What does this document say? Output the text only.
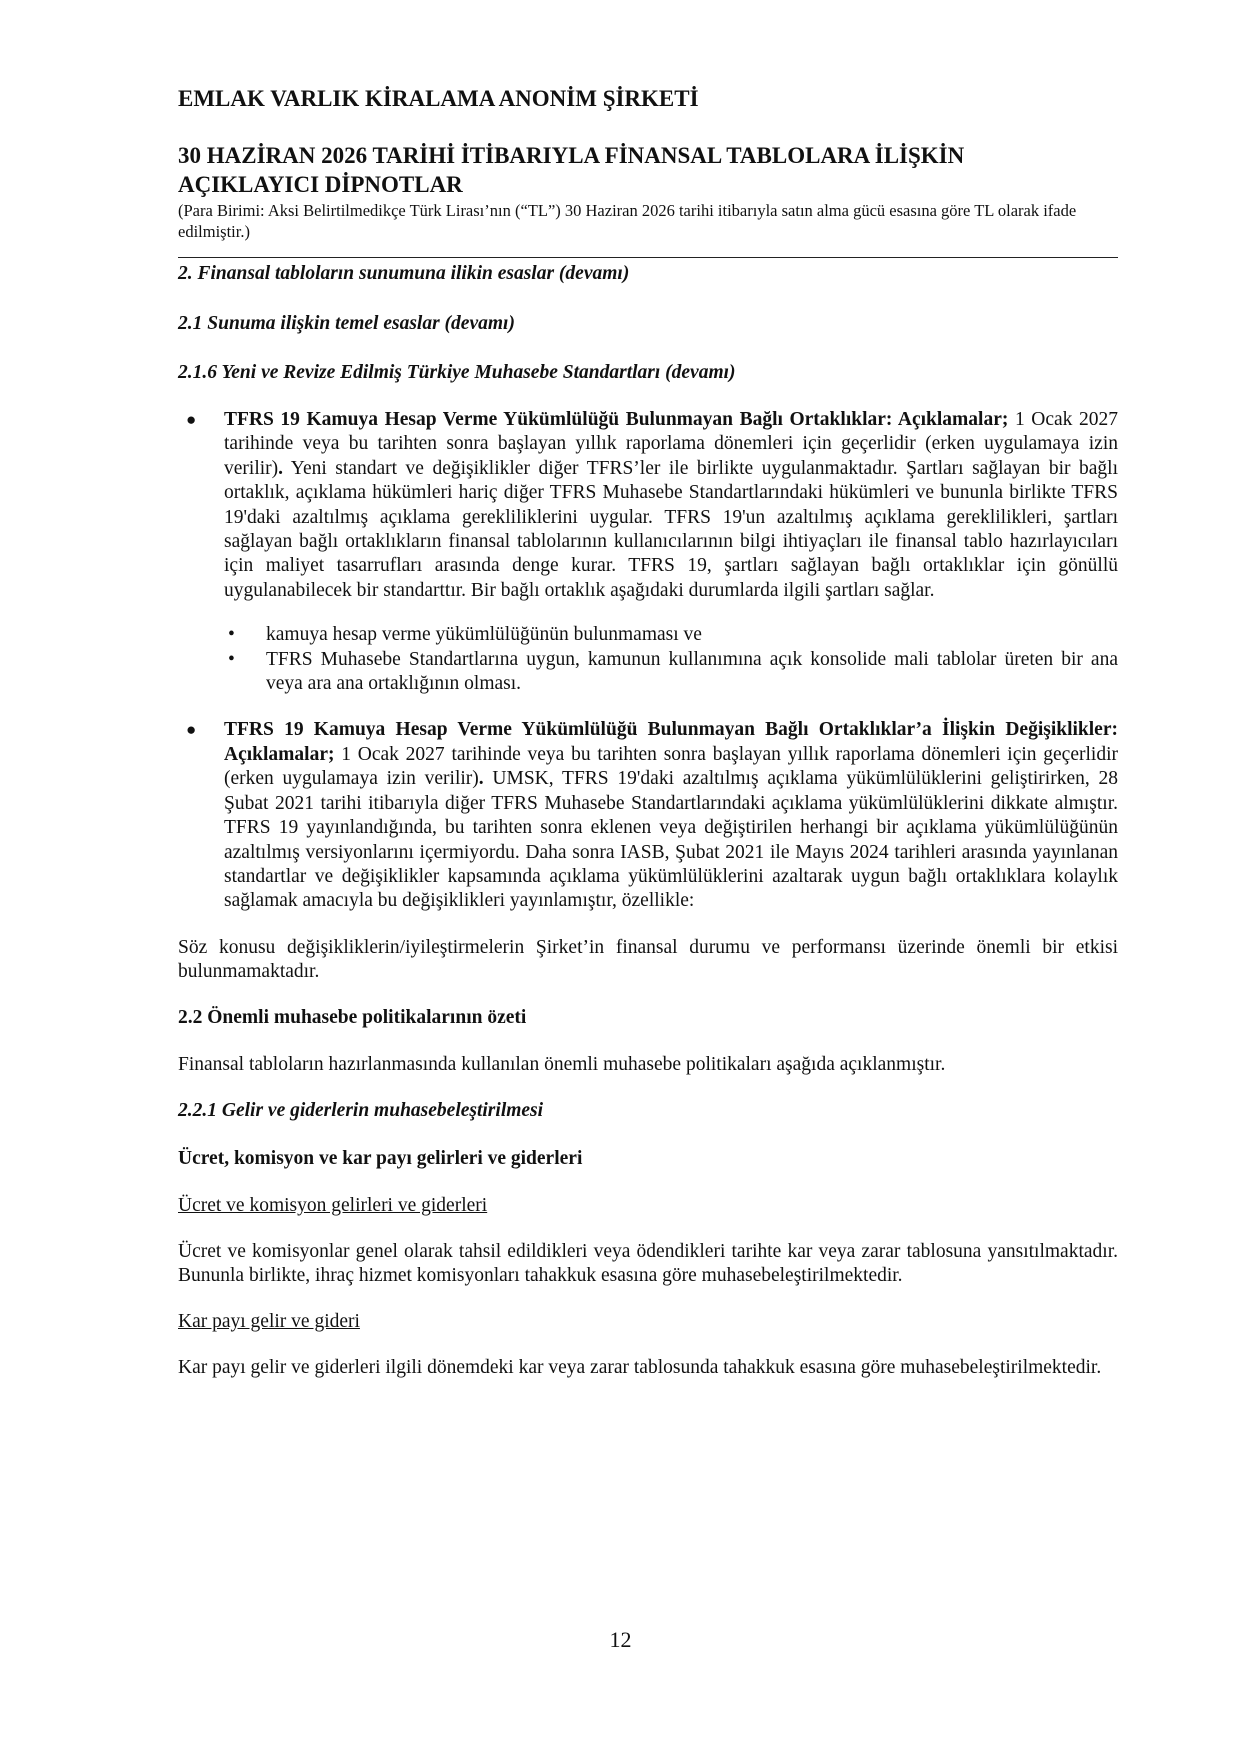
EMLAK VARLIK KİRALAMA ANONİM ŞİRKETİ

30 HAZİRAN 2026 TARİHİ İTİBARIYLA FİNANSAL TABLOLARA İLİŞKİN
AÇIKLAYICI DİPNOTLAR

(Para Birimi: Aksi Belirtilmedikçe Türk Lirası’nın (“TL”) 30 Haziran 2026 tarihi itibarıyla satın alma gücü esasına göre TL olarak ifade edilmiştir.)

2. Finansal tabloların sunumuna ilikin esaslar (devamı)

2.1 Sunuma ilişkin temel esaslar (devamı)

2.1.6 Yeni ve Revize Edilmiş Türkiye Muhasebe Standartları (devamı)

●	TFRS 19 Kamuya Hesap Verme Yükümlülüğü Bulunmayan Bağlı Ortaklıklar: Açıklamalar; 1 Ocak 2027 tarihinde veya bu tarihten sonra başlayan yıllık raporlama dönemleri için geçerlidir (erken uygulamaya izin verilir). Yeni standart ve değişiklikler diğer TFRS’ler ile birlikte uygulanmaktadır. Şartları sağlayan bir bağlı ortaklık, açıklama hükümleri hariç diğer TFRS Muhasebe Standartlarındaki hükümleri ve bununla birlikte TFRS 19'daki azaltılmış açıklama gerekliliklerini uygular. TFRS 19'un azaltılmış açıklama gereklilikleri, şartları sağlayan bağlı ortaklıkların finansal tablolarının kullanıcılarının bilgi ihtiyaçları ile finansal tablo hazırlayıcıları için maliyet tasarrufları arasında denge kurar. TFRS 19, şartları sağlayan bağlı ortaklıklar için gönüllü uygulanabilecek bir standarttır. Bir bağlı ortaklık aşağıdaki durumlarda ilgili şartları sağlar.
•	kamuya hesap verme yükümlülüğünün bulunmaması ve
•	TFRS Muhasebe Standartlarına uygun, kamunun kullanımına açık konsolide mali tablolar üreten bir ana veya ara ana ortaklığının olması.
●	TFRS 19 Kamuya Hesap Verme Yükümlülüğü Bulunmayan Bağlı Ortaklıklar’a İlişkin Değişiklikler: Açıklamalar; 1 Ocak 2027 tarihinde veya bu tarihten sonra başlayan yıllık raporlama dönemleri için geçerlidir (erken uygulamaya izin verilir). UMSK, TFRS 19'daki azaltılmış açıklama yükümlülüklerini geliştirirken, 28 Şubat 2021 tarihi itibarıyla diğer TFRS Muhasebe Standartlarındaki açıklama yükümlülüklerini dikkate almıştır. TFRS 19 yayınlandığında, bu tarihten sonra eklenen veya değiştirilen herhangi bir açıklama yükümlülüğünün azaltılmış versiyonlarını içermiyordu. Daha sonra IASB, Şubat 2021 ile Mayıs 2024 tarihleri arasında yayınlanan standartlar ve değişiklikler kapsamında açıklama yükümlülüklerini azaltarak uygun bağlı ortaklıklara kolaylık sağlamak amacıyla bu değişiklikleri yayınlamıştır, özellikle:

Söz konusu değişikliklerin/iyileştirmelerin Şirket’in finansal durumu ve performansı üzerinde önemli bir etkisi bulunmamaktadır.

2.2 Önemli muhasebe politikalarının özeti

Finansal tabloların hazırlanmasında kullanılan önemli muhasebe politikaları aşağıda açıklanmıştır.

2.2.1 Gelir ve giderlerin muhasebeleştirilmesi

Ücret, komisyon ve kar payı gelirleri ve giderleri

Ücret ve komisyon gelirleri ve giderleri

Ücret ve komisyonlar genel olarak tahsil edildikleri veya ödendikleri tarihte kar veya zarar tablosuna yansıtılmaktadır. Bununla birlikte, ihraç hizmet komisyonları tahakkuk esasına göre muhasebeleştirilmektedir.

Kar payı gelir ve gideri

Kar payı gelir ve giderleri ilgili dönemdeki kar veya zarar tablosunda tahakkuk esasına göre muhasebeleştirilmektedir.

12
